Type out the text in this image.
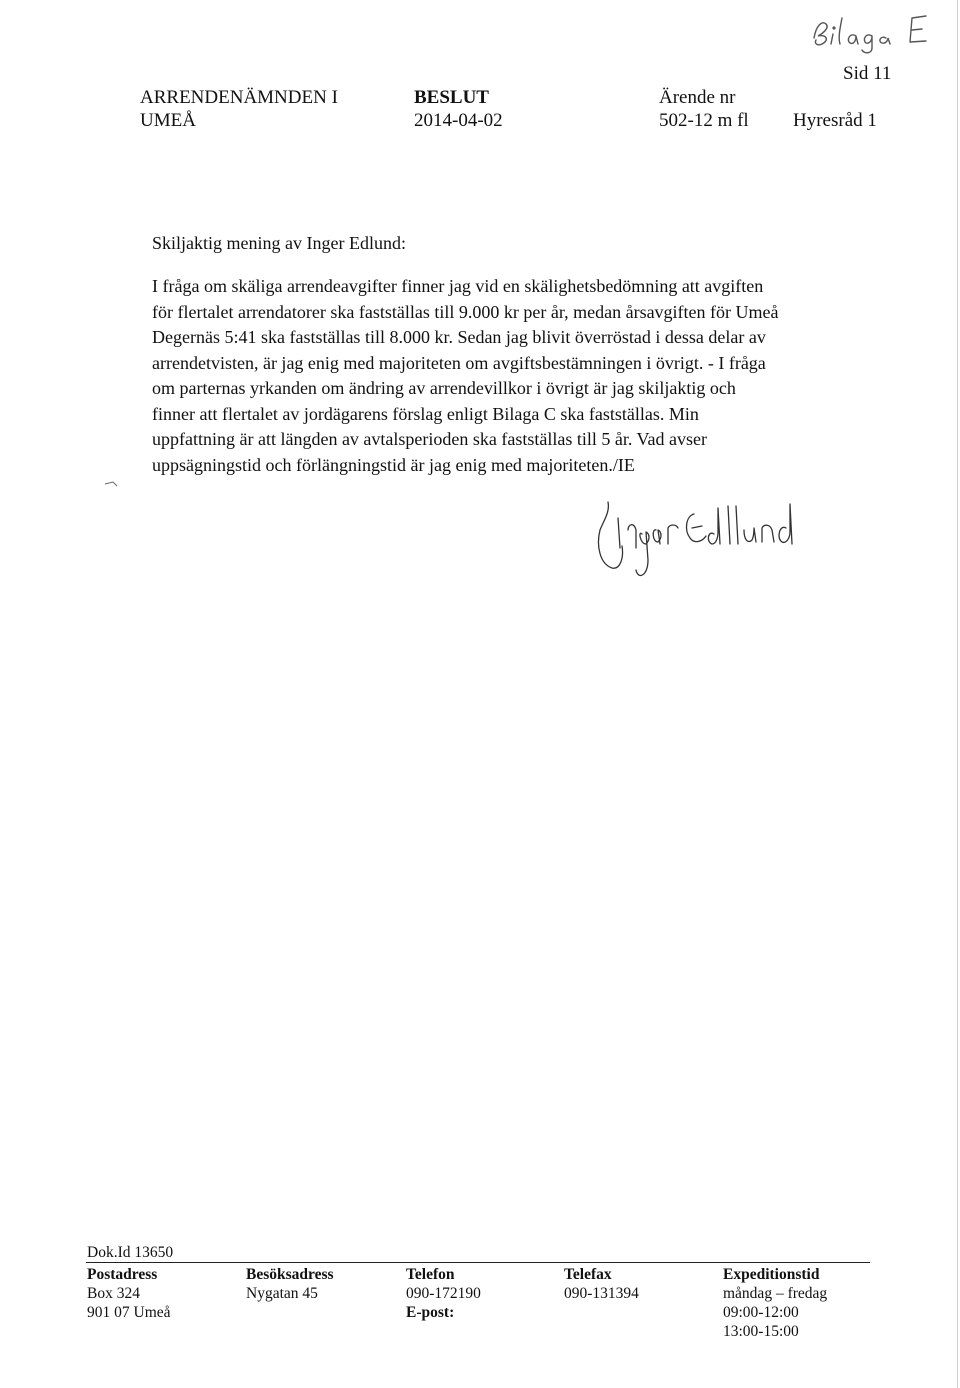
Sid 11
ARRENDENÄMNDEN I
UMEÅ
BESLUT
2014-04-02
Ärende nr
502-12 m fl Hyresråd 1
Skiljaktig mening av Inger Edlund:
I fråga om skäliga arrendeavgifter finner jag vid en skälighetsbedömning att avgiften
för flertalet arrendatorer ska fastställas till 9.000 kr per år, medan årsavgiften för Umeå
Degernäs 5:41 ska fastställas till 8.000 kr. Sedan jag blivit överröstad i dessa delar av
arrendetvisten, är jag enig med majoriteten om avgiftsbestämningen i övrigt. - I fråga
om parternas yrkanden om ändring av arrendevillkor i övrigt är jag skiljaktig och
finner att flertalet av jordägarens förslag enligt Bilaga C ska fastställas. Min
uppfattning är att längden av avtalsperioden ska fastställas till 5 år. Vad avser
uppsägningstid och förlängningstid är jag enig med majoriteten./IE
Dok.Id 13650
Postadress
Box 324
901 07 Umeå
Besöksadress
Nygatan 45
Telefon
090-172190
E-post:
Telefax
090-131394
Expeditionstid
måndag – fredag
09:00-12:00
13:00-15:00
